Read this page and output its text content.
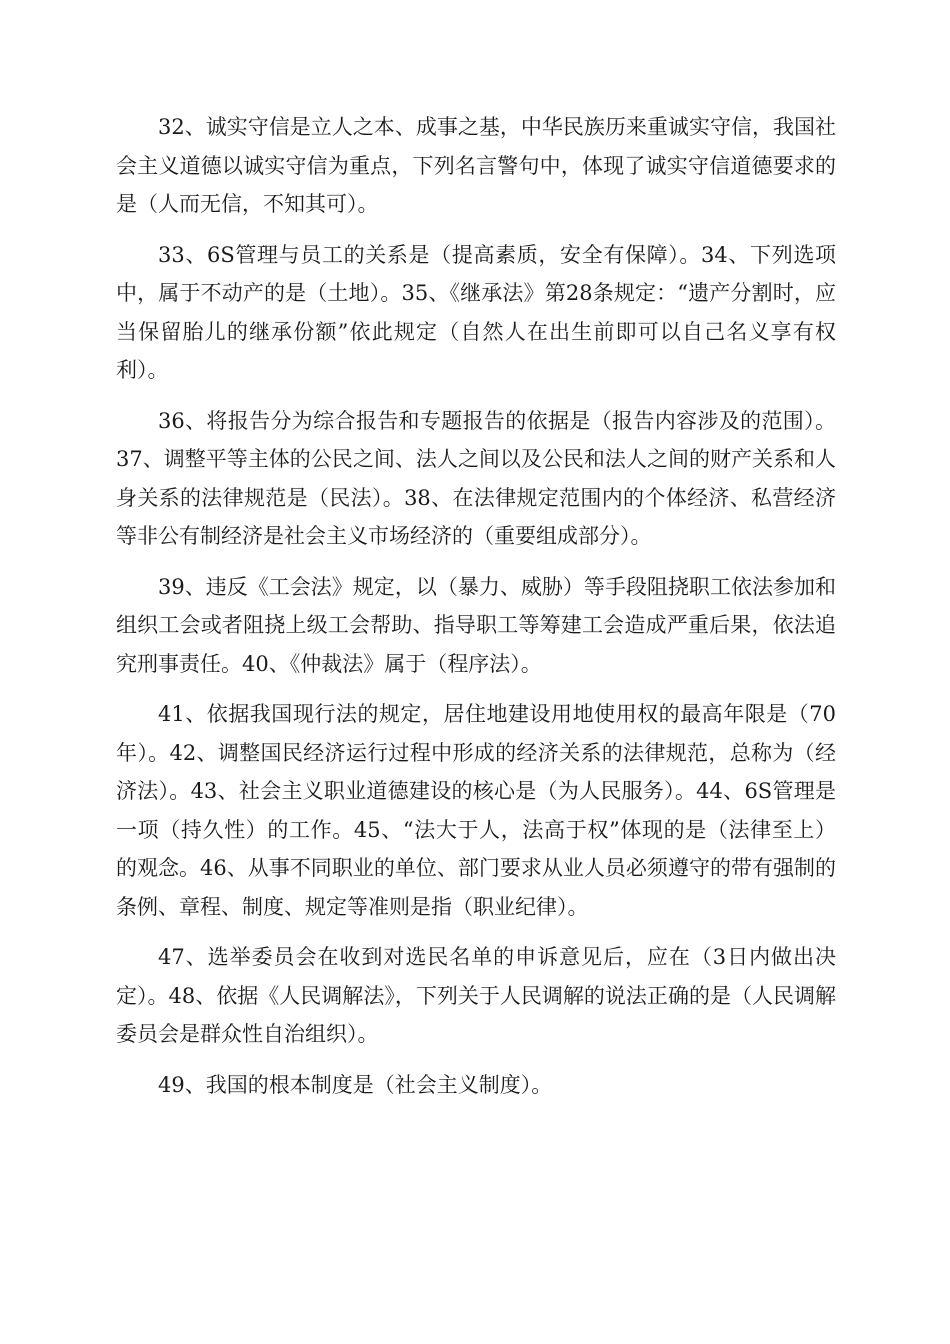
32、诚实守信是立人之本、成事之基，中华民族历来重诚实守信，我国社会主义道德以诚实守信为重点，下列名言警句中，体现了诚实守信道德要求的是（人而无信，不知其可）。

33、6S管理与员工的关系是（提高素质，安全有保障）。34、下列选项中，属于不动产的是（土地）。35、《继承法》第28条规定：“遗产分割时，应当保留胎儿的继承份额”依此规定（自然人在出生前即可以自己名义享有权利）。

36、将报告分为综合报告和专题报告的依据是（报告内容涉及的范围）。37、调整平等主体的公民之间、法人之间以及公民和法人之间的财产关系和人身关系的法律规范是（民法）。38、在法律规定范围内的个体经济、私营经济等非公有制经济是社会主义市场经济的（重要组成部分）。

39、违反《工会法》规定，以（暴力、威胁）等手段阻挠职工依法参加和组织工会或者阻挠上级工会帮助、指导职工等筹建工会造成严重后果，依法追究刑事责任。40、《仲裁法》属于（程序法）。

41、依据我国现行法的规定，居住地建设用地使用权的最高年限是（70年）。42、调整国民经济运行过程中形成的经济关系的法律规范，总称为（经济法）。43、社会主义职业道德建设的核心是（为人民服务）。44、6S管理是一项（持久性）的工作。45、“法大于人，法高于权”体现的是（法律至上）的观念。46、从事不同职业的单位、部门要求从业人员必须遵守的带有强制的条例、章程、制度、规定等准则是指（职业纪律）。

47、选举委员会在收到对选民名单的申诉意见后，应在（3日内做出决定）。48、依据《人民调解法》，下列关于人民调解的说法正确的是（人民调解委员会是群众性自治组织）。

49、我国的根本制度是（社会主义制度）。
